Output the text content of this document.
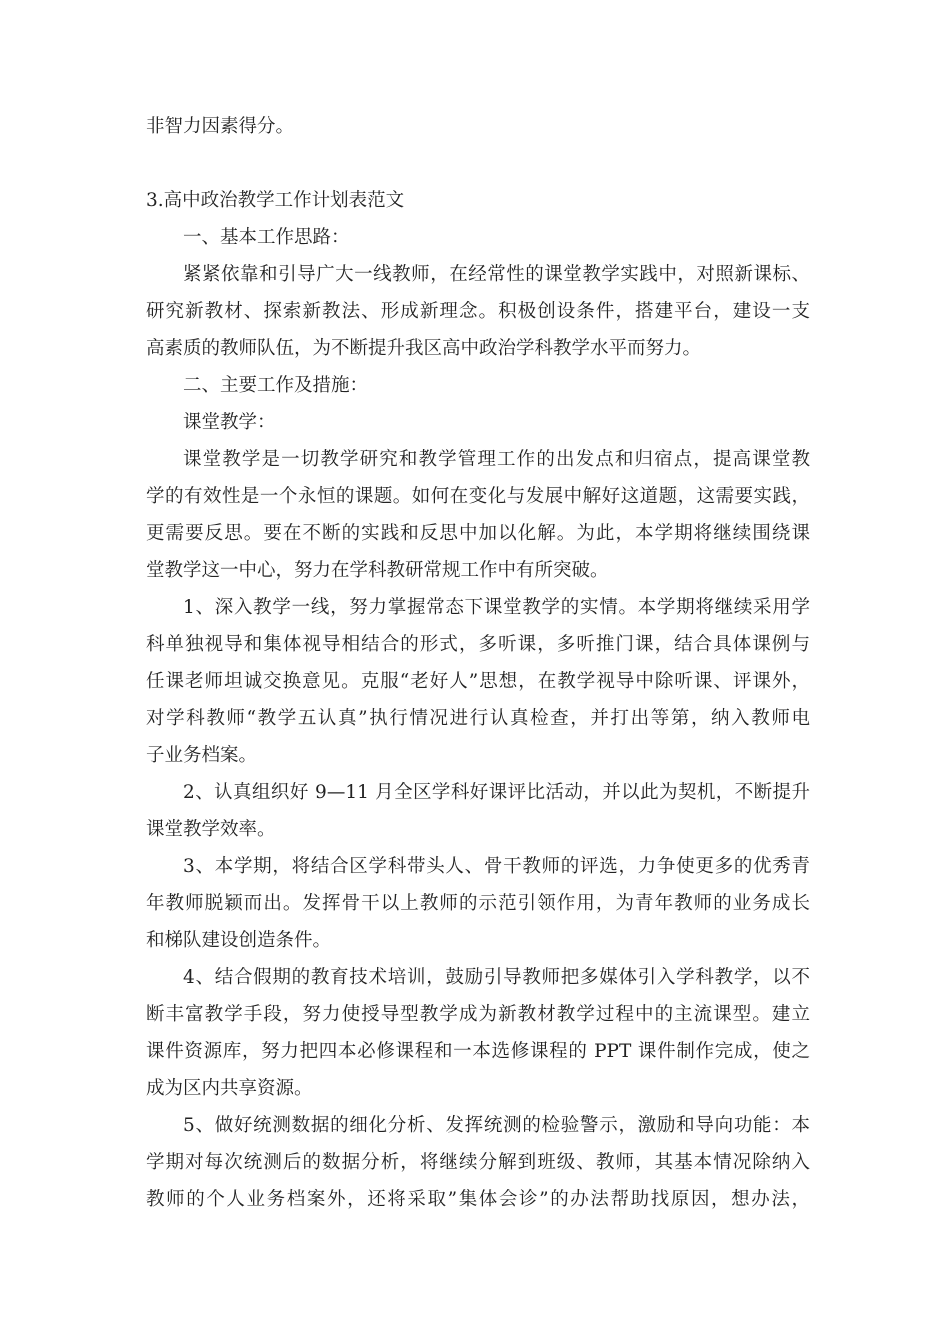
非智力因素得分。
3.高中政治教学工作计划表范文
一、基本工作思路：
紧紧依靠和引导广大一线教师，在经常性的课堂教学实践中，对照新课标、
研究新教材、探索新教法、形成新理念。积极创设条件，搭建平台，建设一支
高素质的教师队伍，为不断提升我区高中政治学科教学水平而努力。
二、主要工作及措施：
课堂教学：
课堂教学是一切教学研究和教学管理工作的出发点和归宿点，提高课堂教
学的有效性是一个永恒的课题。如何在变化与发展中解好这道题，这需要实践，
更需要反思。要在不断的实践和反思中加以化解。为此，本学期将继续围绕课
堂教学这一中心，努力在学科教研常规工作中有所突破。
1、深入教学一线，努力掌握常态下课堂教学的实情。本学期将继续采用学
科单独视导和集体视导相结合的形式，多听课，多听推门课，结合具体课例与
任课老师坦诚交换意见。克服“老好人”思想，在教学视导中除听课、评课外，
对学科教师“教学五认真”执行情况进行认真检查，并打出等第，纳入教师电
子业务档案。
2、认真组织好 9—11 月全区学科好课评比活动，并以此为契机，不断提升
课堂教学效率。
3、本学期，将结合区学科带头人、骨干教师的评选，力争使更多的优秀青
年教师脱颖而出。发挥骨干以上教师的示范引领作用，为青年教师的业务成长
和梯队建设创造条件。
4、结合假期的教育技术培训，鼓励引导教师把多媒体引入学科教学，以不
断丰富教学手段，努力使授导型教学成为新教材教学过程中的主流课型。建立
课件资源库，努力把四本必修课程和一本选修课程的 PPT 课件制作完成，使之
成为区内共享资源。
5、做好统测数据的细化分析、发挥统测的检验警示，激励和导向功能：本
学期对每次统测后的数据分析，将继续分解到班级、教师，其基本情况除纳入
教师的个人业务档案外，还将采取”集体会诊”的办法帮助找原因，想办法，
